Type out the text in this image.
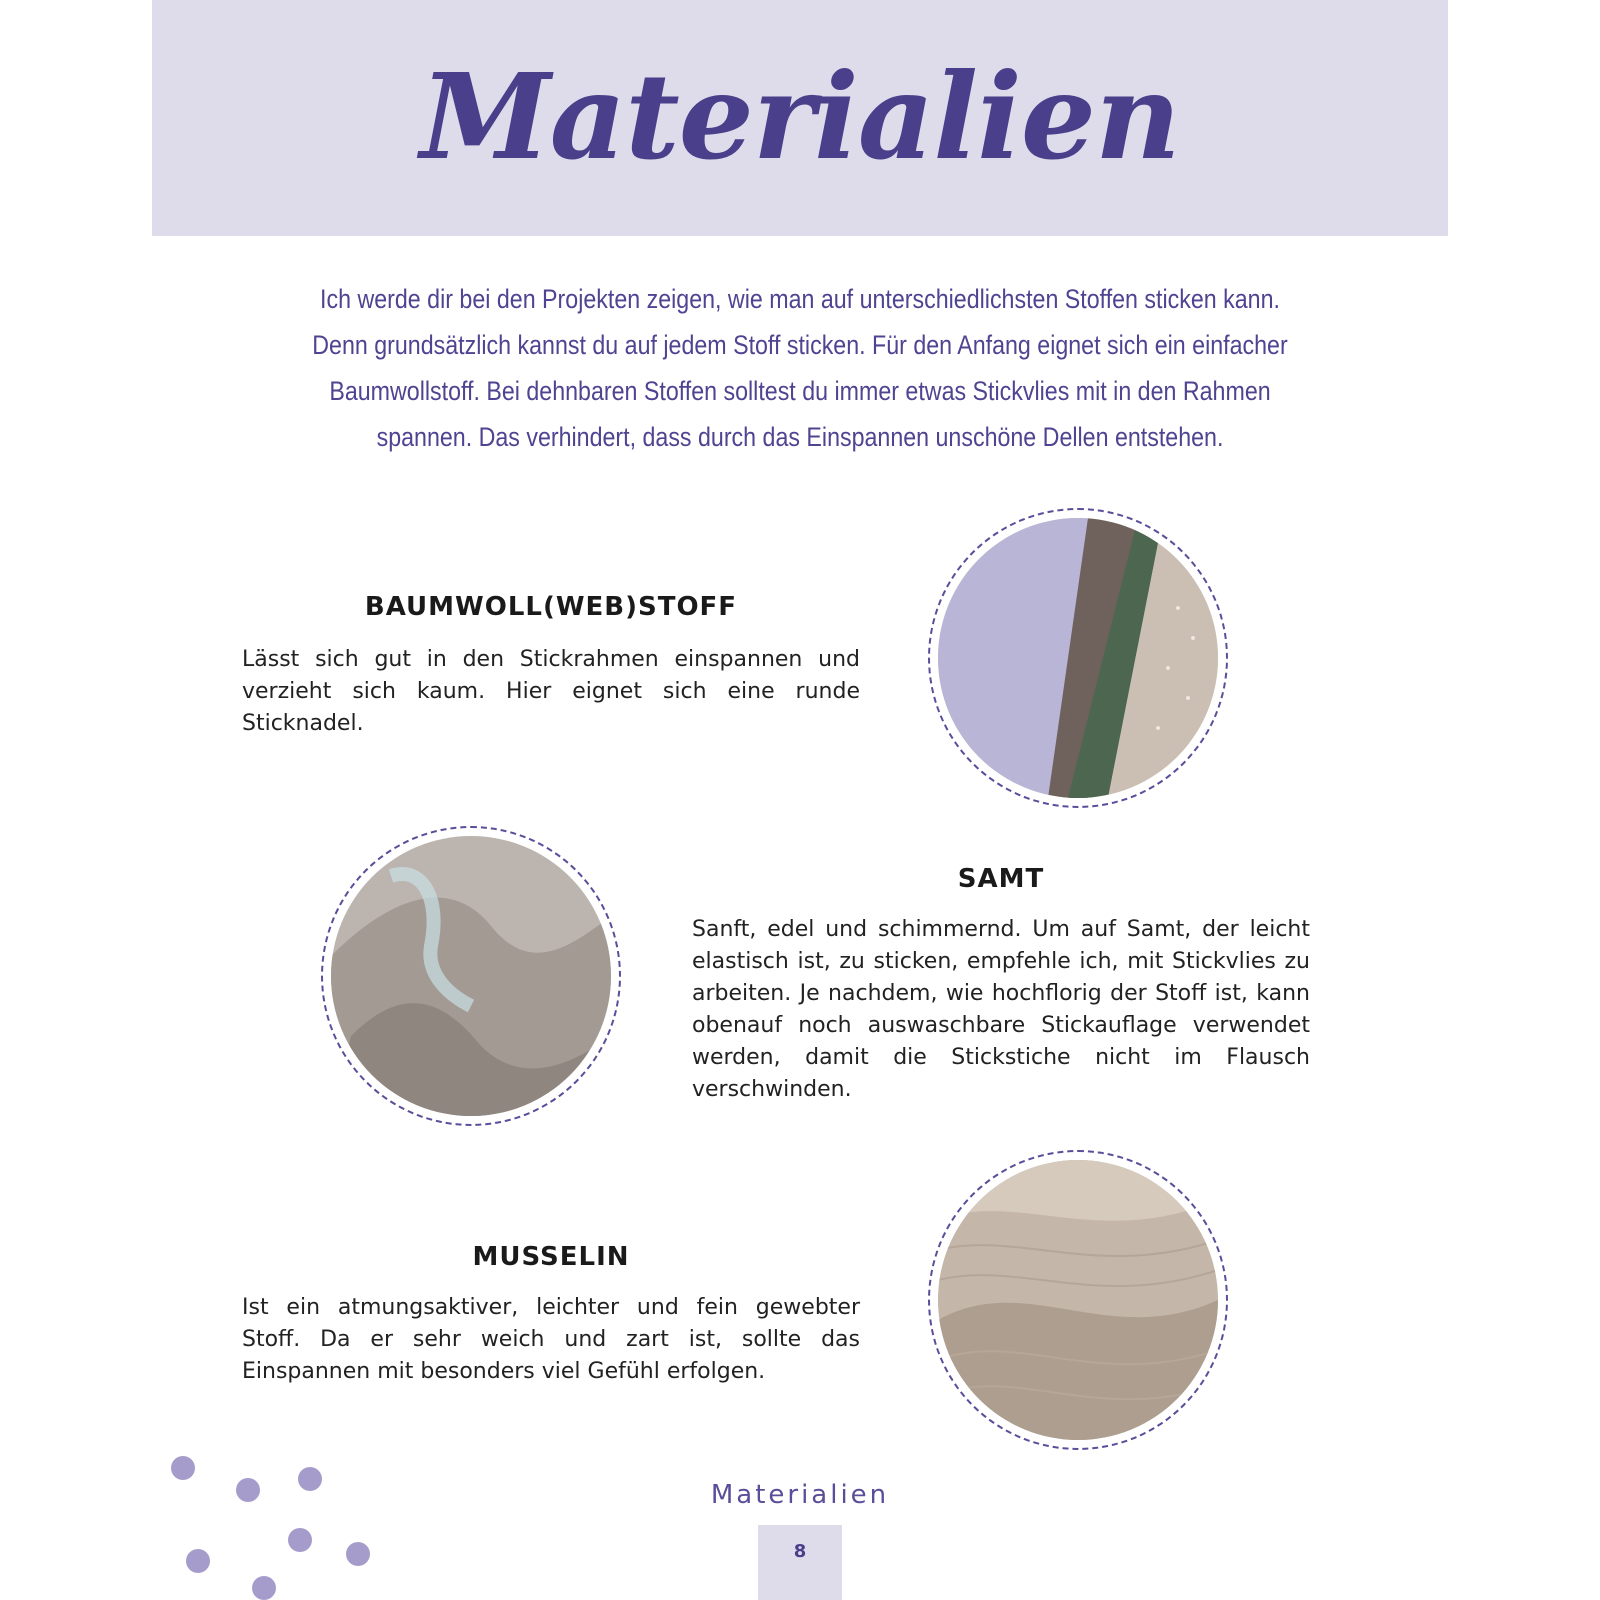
Materialien

Ich werde dir bei den Projekten zeigen, wie man auf unterschiedlichsten Stoffen sticken kann. Denn grundsätzlich kannst du auf jedem Stoff sticken. Für den Anfang eignet sich ein einfacher Baumwollstoff. Bei dehnbaren Stoffen solltest du immer etwas Stickvlies mit in den Rahmen spannen. Das verhindert, dass durch das Einspannen unschöne Dellen entstehen.

BAUMWOLL(WEB)STOFF

Lässt sich gut in den Stickrahmen einspannen und verzieht sich kaum. Hier eignet sich eine runde Sticknadel.

SAMT

Sanft, edel und schimmernd. Um auf Samt, der leicht elastisch ist, zu sticken, empfehle ich, mit Stickvlies zu arbeiten. Je nachdem, wie hochflorig der Stoff ist, kann obenauf noch auswaschbare Stickauflage verwendet werden, damit die Stickstiche nicht im Flausch verschwinden.

MUSSELIN

Ist ein atmungsaktiver, leichter und fein gewebter Stoff. Da er sehr weich und zart ist, sollte das Einspannen mit besonders viel Gefühl erfolgen.

Materialien

8
